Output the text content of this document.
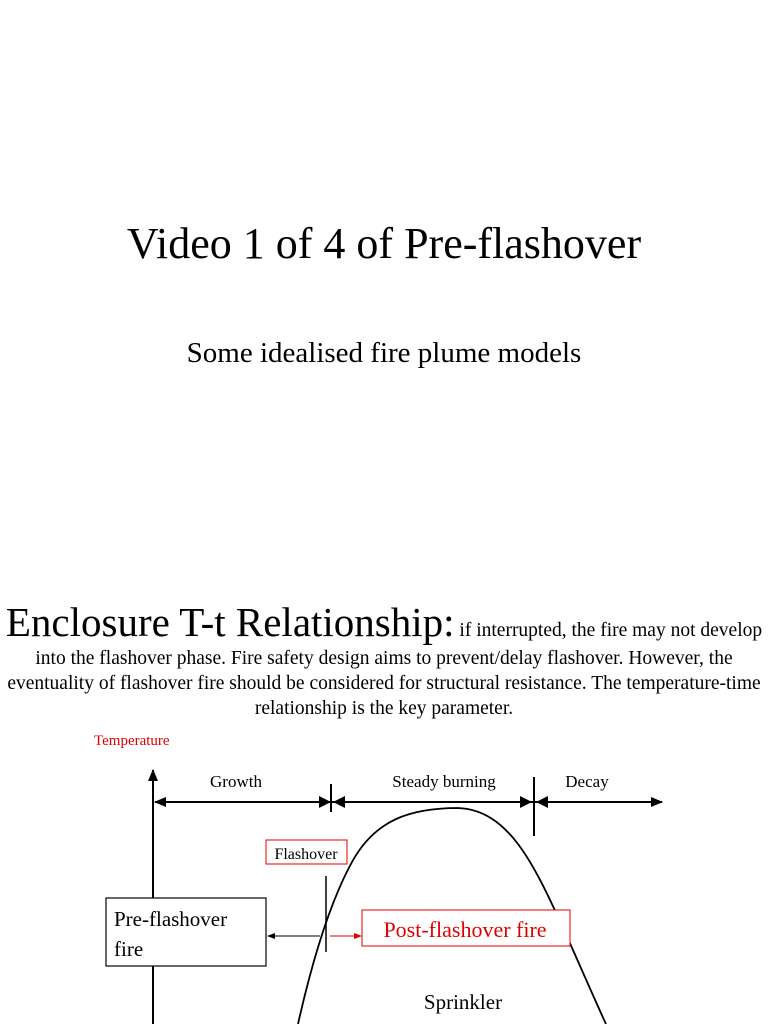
Video 1 of 4 of Pre-flashover
Some idealised fire plume models
Enclosure T-t Relationship: if interrupted, the fire may not develop into the flashover phase. Fire safety design aims to prevent/delay flashover. However, the eventuality of flashover fire should be considered for structural resistance. The temperature-time relationship is the key parameter.
Temperature
Growth	Steady burning	Decay
Flashover
Pre-flashover
fire
Post-flashover fire
Sprinkler
